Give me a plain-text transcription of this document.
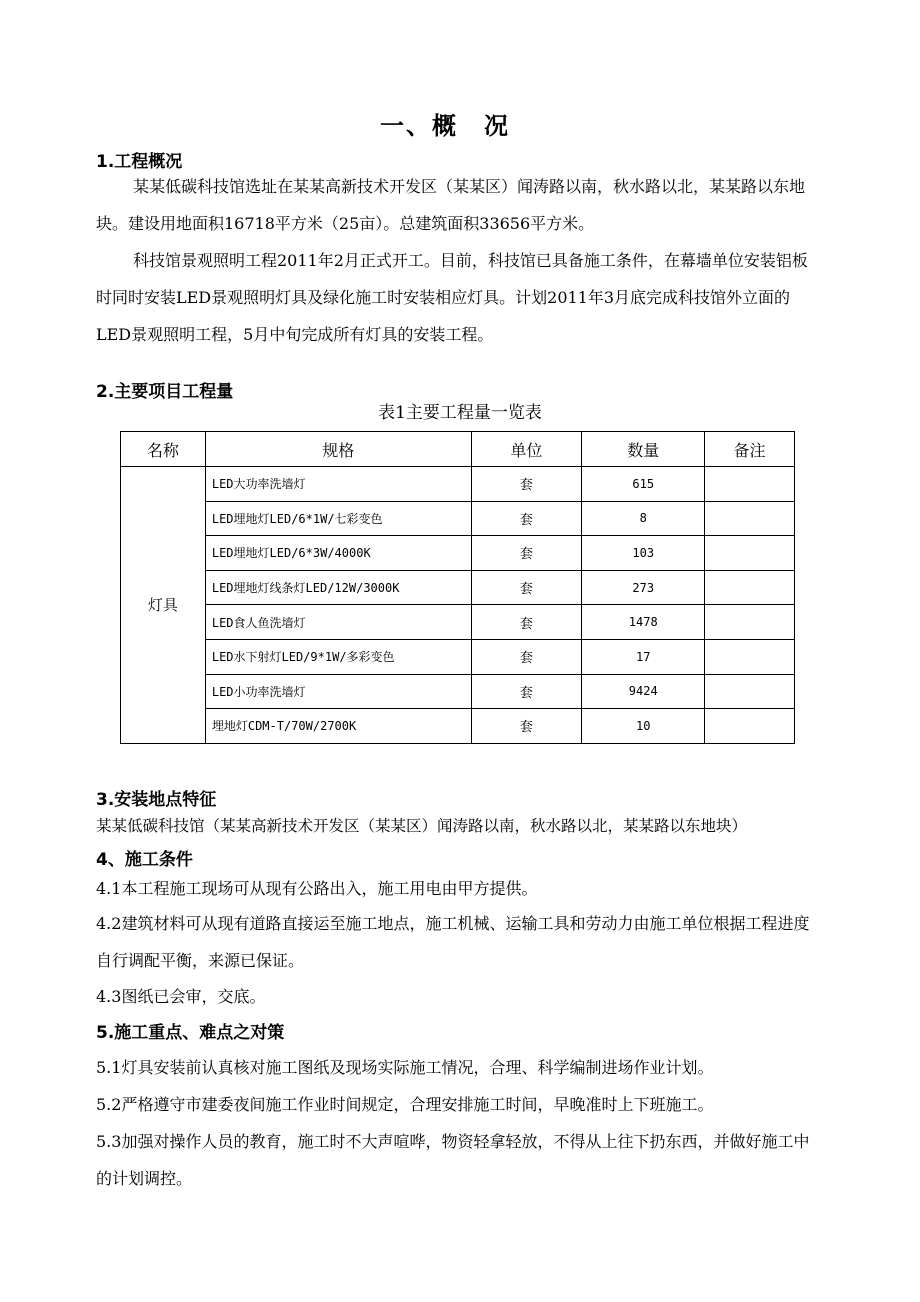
一、概　况
1.工程概况
某某低碳科技馆选址在某某高新技术开发区（某某区）闻涛路以南，秋水路以北，某某路以东地块。建设用地面积16718平方米（25亩）。总建筑面积33656平方米。
科技馆景观照明工程2011年2月正式开工。目前，科技馆已具备施工条件，在幕墙单位安装铝板时同时安装LED景观照明灯具及绿化施工时安装相应灯具。计划2011年3月底完成科技馆外立面的LED景观照明工程，5月中旬完成所有灯具的安装工程。
2.主要项目工程量
表1主要工程量一览表
名称	规格	单位	数量	备注
灯具	LED大功率洗墙灯	套	615	
	LED埋地灯LED/6*1W/七彩变色	套	8	
	LED埋地灯LED/6*3W/4000K	套	103	
	LED埋地灯线条灯LED/12W/3000K	套	273	
	LED食人鱼洗墙灯	套	1478	
	LED水下射灯LED/9*1W/多彩变色	套	17	
	LED小功率洗墙灯	套	9424	
	埋地灯CDM-T/70W/2700K	套	10	
3.安装地点特征
某某低碳科技馆（某某高新技术开发区（某某区）闻涛路以南，秋水路以北，某某路以东地块）
4、施工条件
4.1本工程施工现场可从现有公路出入，施工用电由甲方提供。
4.2建筑材料可从现有道路直接运至施工地点，施工机械、运输工具和劳动力由施工单位根据工程进度自行调配平衡，来源已保证。
4.3图纸已会审，交底。
5.施工重点、难点之对策
5.1灯具安装前认真核对施工图纸及现场实际施工情况，合理、科学编制进场作业计划。
5.2严格遵守市建委夜间施工作业时间规定，合理安排施工时间，早晚准时上下班施工。
5.3加强对操作人员的教育，施工时不大声喧哗，物资轻拿轻放，不得从上往下扔东西，并做好施工中的计划调控。
